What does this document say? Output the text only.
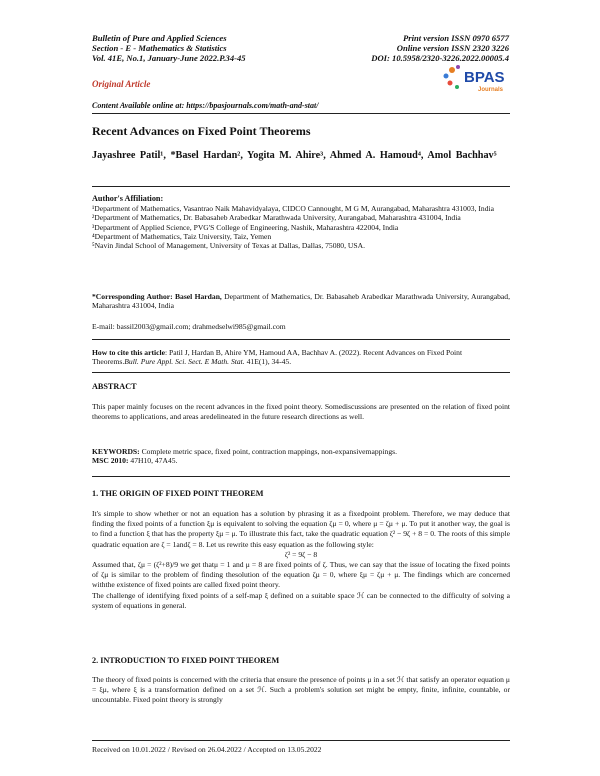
Bulletin of Pure and Applied Sciences
Section - E - Mathematics & Statistics
Vol. 41E, No.1, January-June 2022.P.34-45
Print version ISSN 0970 6577
Online version ISSN 2320 3226
DOI: 10.5958/2320-3226.2022.00005.4
Original Article	BPAS
Journals
Content Available online at: https://bpasjournals.com/math-and-stat/
Recent Advances on Fixed Point Theorems
Jayashree Patil¹, *Basel Hardan², Yogita M. Ahire³, Ahmed A. Hamoud⁴, Amol Bachhav⁵
Author's Affiliation:

¹Department of Mathematics, Vasantrao Naik Mahavidyalaya, CIDCO Cannought, M G M, Aurangabad, Maharashtra 431003, India

²Department of Mathematics, Dr. Babasaheb Arabedkar Marathwada University, Aurangabad, Maharashtra 431004, India

³Department of Applied Science, PVG'S College of Engineering, Nashik, Maharashtra 422004, India

⁴Department of Mathematics, Taiz University, Taiz, Yemen

⁵Navin Jindal School of Management, University of Texas at Dallas, Dallas, 75080, USA.

*Corresponding Author: Basel Hardan, Department of Mathematics, Dr. Babasaheb Arabedkar Marathwada University, Aurangabad, Maharashtra 431004, India
E-mail: bassil2003@gmail.com; drahmedselwi985@gmail.com
How to cite this article: Patil J, Hardan B, Ahire YM, Hamoud AA, Bachhav A. (2022). Recent Advances on Fixed Point Theorems.Bull. Pure Appl. Sci. Sect. E Math. Stat. 41E(1), 34-45.
ABSTRACT
This paper mainly focuses on the recent advances in the fixed point theory. Somediscussions are presented on the relation of fixed point theorems to applications, and areas aredelineated in the future research directions as well.
KEYWORDS: Complete metric space, fixed point, contraction mappings, non-expansivemappings.
MSC 2010: 47H10, 47A45.
1. THE ORIGIN OF FIXED POINT THEOREM
It's simple to show whether or not an equation has a solution by phrasing it as a fixedpoint problem. Therefore, we may deduce that finding the fixed points of a function ξμ is equivalent to solving the equation ζμ = 0, where μ = ζμ + μ. To put it another way, the goal is to find a function ξ that has the property ξμ = μ. To illustrate this fact, take the quadratic equation ζ² − 9ζ + 8 = 0. The roots of this simple quadratic equation are ζ = 1andζ = 8. Let us rewrite this easy equation as the following style:
ζ² = 9ζ − 8
Assumed that, ζμ = (ζ²+8)/9 we get thatμ = 1 and μ = 8 are fixed points of ζ. Thus, we can say that the issue of locating the fixed points of ζμ is similar to the problem of finding thesolution of the equation ζμ = 0, where ξμ = ζμ + μ. The findings which are concerned withthe existence of fixed points are called fixed point theory.
The challenge of identifying fixed points of a self-map ξ defined on a suitable space ℋ can be connected to the difficulty of solving a system of equations in general.
2. INTRODUCTION TO FIXED POINT THEOREM
The theory of fixed points is concerned with the criteria that ensure the presence of points μ in a set ℋ that satisfy an operator equation μ = ξμ, where ξ is a transformation defined on a set ℋ. Such a problem's solution set might be empty, finite, infinite, countable, or uncountable. Fixed point theory is strongly
Received on 10.01.2022 / Revised on 26.04.2022 / Accepted on 13.05.2022
